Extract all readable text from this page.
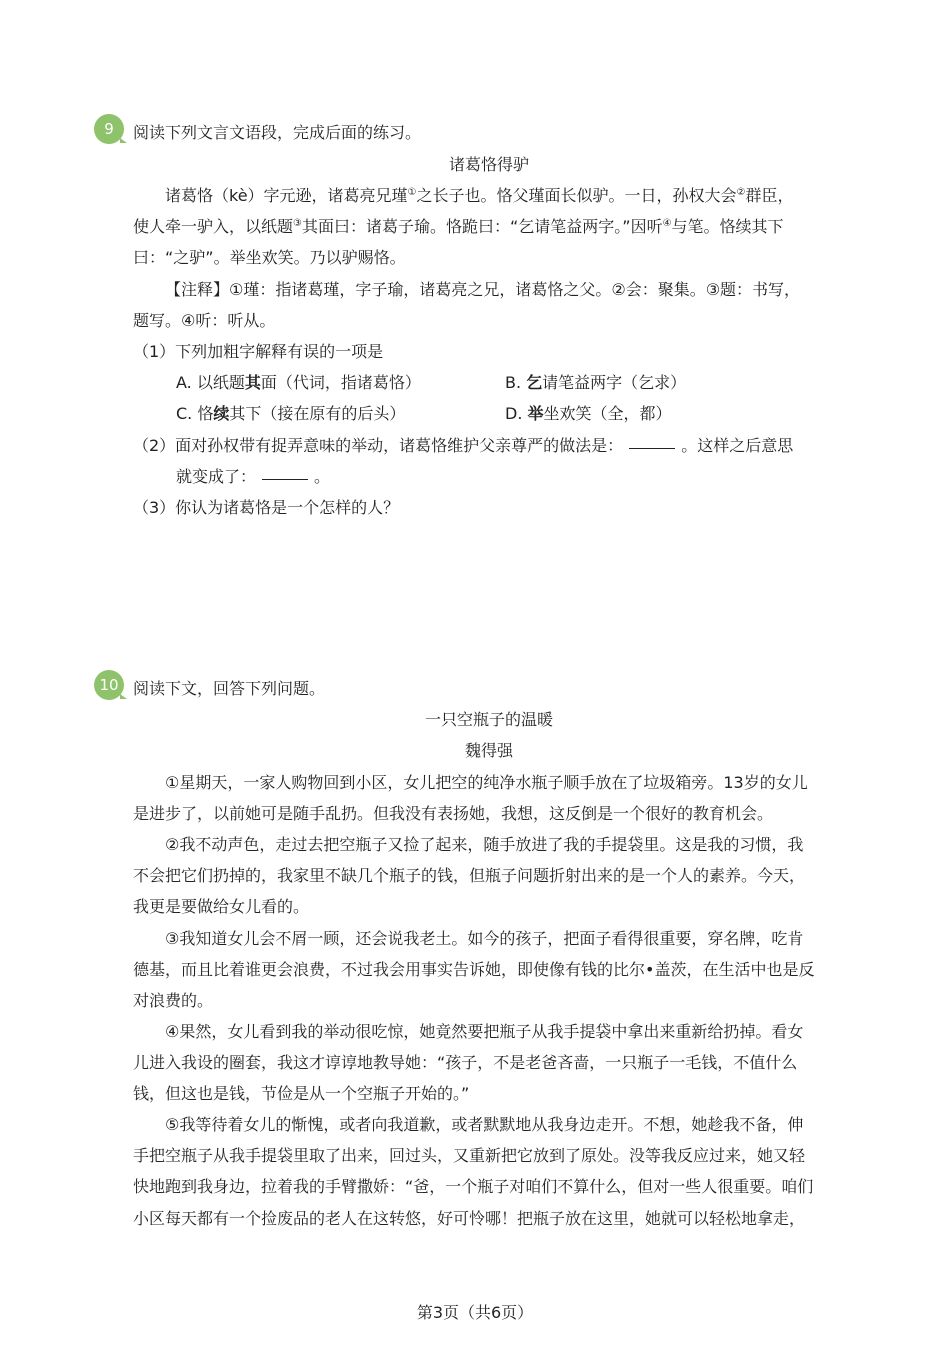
9 阅读下列文言文语段，完成后面的练习。
诸葛恪得驴
诸葛恪（kè）字元逊，诸葛亮兄瑾①之长子也。恪父瑾面长似驴。一日，孙权大会②群臣，
使人牵一驴入，以纸题③其面曰：诸葛子瑜。恪跪曰：“乞请笔益两字。”因听④与笔。恪续其下
曰：“之驴”。举坐欢笑。乃以驴赐恪。
【注释】①瑾：指诸葛瑾，字子瑜，诸葛亮之兄，诸葛恪之父。②会：聚集。③题：书写，
题写。④听：听从。
（1）下列加粗字解释有误的一项是
A. 以纸题其面（代词，指诸葛恪）	B. 乞请笔益两字（乞求）
C. 恪续其下（接在原有的后头）	D. 举坐欢笑（全，都）
（2）面对孙权带有捉弄意味的举动，诸葛恪维护父亲尊严的做法是：	。这样之后意思
就变成了：	。
（3）你认为诸葛恪是一个怎样的人？
10 阅读下文，回答下列问题。
一只空瓶子的温暖
魏得强
①星期天，一家人购物回到小区，女儿把空的纯净水瓶子顺手放在了垃圾箱旁。13岁的女儿
是进步了，以前她可是随手乱扔。但我没有表扬她，我想，这反倒是一个很好的教育机会。
②我不动声色，走过去把空瓶子又捡了起来，随手放进了我的手提袋里。这是我的习惯，我
不会把它们扔掉的，我家里不缺几个瓶子的钱，但瓶子问题折射出来的是一个人的素养。今天，
我更是要做给女儿看的。
③我知道女儿会不屑一顾，还会说我老土。如今的孩子，把面子看得很重要，穿名牌，吃肯
德基，而且比着谁更会浪费，不过我会用事实告诉她，即使像有钱的比尔•盖茨，在生活中也是反
对浪费的。
④果然，女儿看到我的举动很吃惊，她竟然要把瓶子从我手提袋中拿出来重新给扔掉。看女
儿进入我设的圈套，我这才谆谆地教导她：“孩子，不是老爸吝啬，一只瓶子一毛钱，不值什么
钱，但这也是钱，节俭是从一个空瓶子开始的。”
⑤我等待着女儿的惭愧，或者向我道歉，或者默默地从我身边走开。不想，她趁我不备，伸
手把空瓶子从我手提袋里取了出来，回过头，又重新把它放到了原处。没等我反应过来，她又轻
快地跑到我身边，拉着我的手臂撒娇：“爸，一个瓶子对咱们不算什么，但对一些人很重要。咱们
小区每天都有一个捡废品的老人在这转悠，好可怜哪！把瓶子放在这里，她就可以轻松地拿走，
第3页（共6页）
